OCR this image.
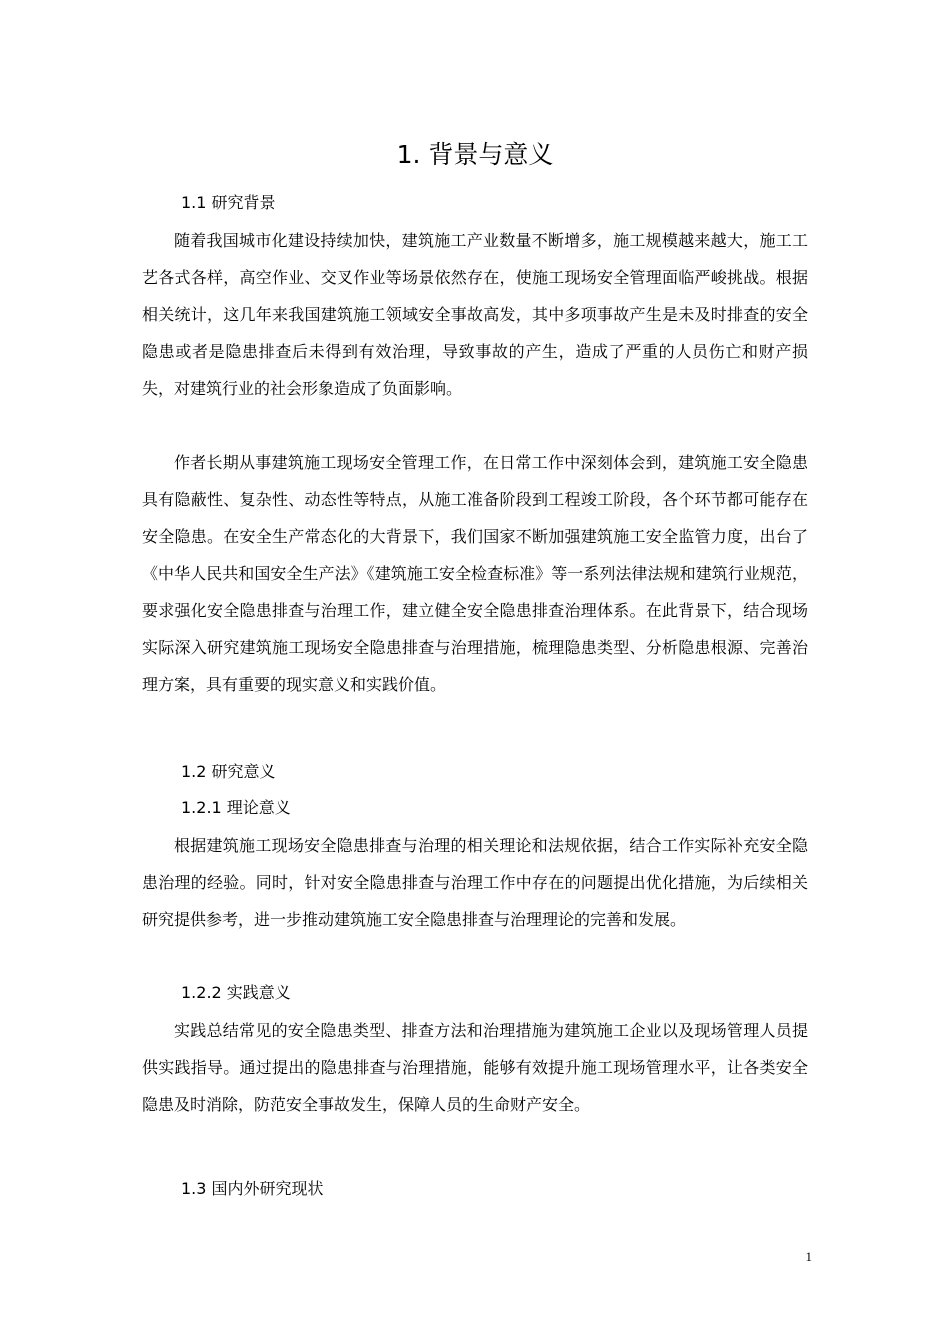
1. 背景与意义
1.1 研究背景

随着我国城市化建设持续加快，建筑施工产业数量不断增多，施工规模越来越大，施工工艺各式各样，高空作业、交叉作业等场景依然存在，使施工现场安全管理面临严峻挑战。根据相关统计，这几年来我国建筑施工领域安全事故高发，其中多项事故产生是未及时排查的安全隐患或者是隐患排查后未得到有效治理，导致事故的产生，造成了严重的人员伤亡和财产损失，对建筑行业的社会形象造成了负面影响。

作者长期从事建筑施工现场安全管理工作，在日常工作中深刻体会到，建筑施工安全隐患具有隐蔽性、复杂性、动态性等特点，从施工准备阶段到工程竣工阶段，各个环节都可能存在安全隐患。在安全生产常态化的大背景下，我们国家不断加强建筑施工安全监管力度，出台了《中华人民共和国安全生产法》《建筑施工安全检查标准》等一系列法律法规和建筑行业规范，要求强化安全隐患排查与治理工作，建立健全安全隐患排查治理体系。在此背景下，结合现场实际深入研究建筑施工现场安全隐患排查与治理措施，梳理隐患类型、分析隐患根源、完善治理方案，具有重要的现实意义和实践价值。

1.2 研究意义
1.2.1 理论意义

根据建筑施工现场安全隐患排查与治理的相关理论和法规依据，结合工作实际补充安全隐患治理的经验。同时，针对安全隐患排查与治理工作中存在的问题提出优化措施，为后续相关研究提供参考，进一步推动建筑施工安全隐患排查与治理理论的完善和发展。

1.2.2 实践意义

实践总结常见的安全隐患类型、排查方法和治理措施为建筑施工企业以及现场管理人员提供实践指导。通过提出的隐患排查与治理措施，能够有效提升施工现场管理水平，让各类安全隐患及时消除，防范安全事故发生，保障人员的生命财产安全。

1.3 国内外研究现状
1
